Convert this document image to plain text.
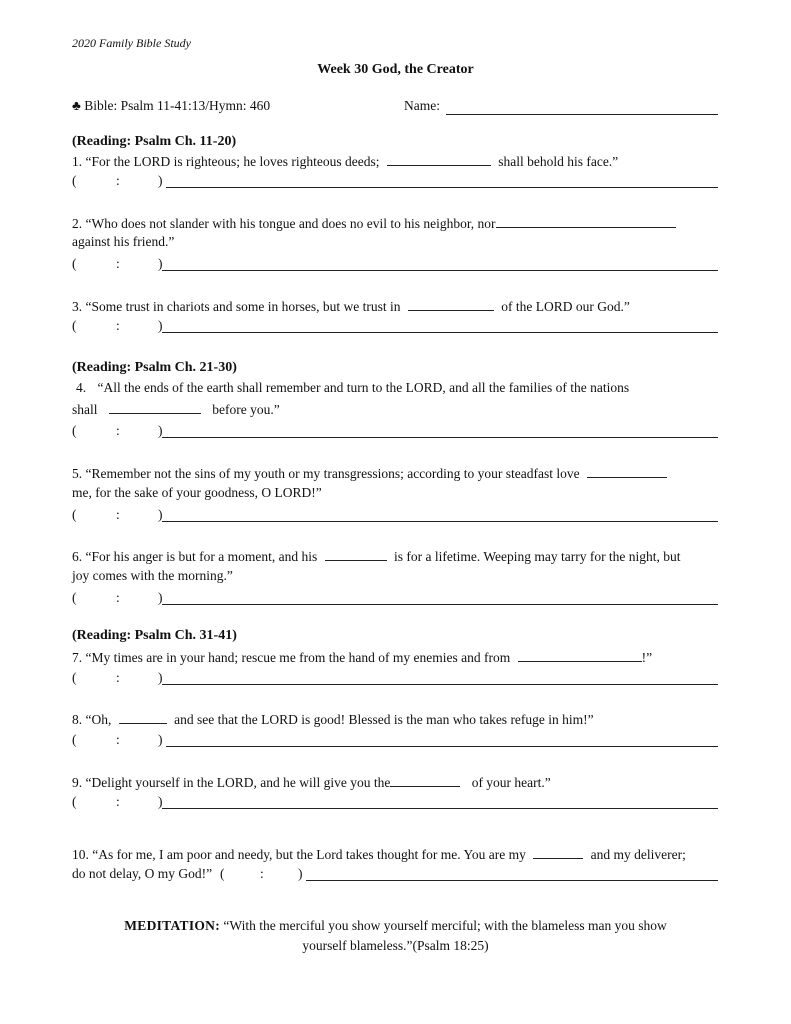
2020 Family Bible Study
Week 30 God, the Creator
♣ Bible: Psalm 11-41:13/Hymn: 460	Name:
(Reading: Psalm Ch. 11-20)
1. “For the LORD is righteous; he loves righteous deeds;	shall behold his face.”
(	:	)
2. “Who does not slander with his tongue and does no evil to his neighbor, nor
against his friend.”
(	:	)
3. “Some trust in chariots and some in horses, but we trust in	of the LORD our God.”
(	:	)
(Reading: Psalm Ch. 21-30)
4. “All the ends of the earth shall remember and turn to the LORD, and all the families of the nations
shall	before you.”
(	:	)
5. “Remember not the sins of my youth or my transgressions; according to your steadfast love
me, for the sake of your goodness, O LORD!”
(	:	)
6. “For his anger is but for a moment, and his	is for a lifetime. Weeping may tarry for the night, but
joy comes with the morning.”
(	:	)
(Reading: Psalm Ch. 31-41)
7. “My times are in your hand; rescue me from the hand of my enemies and from	!”
(	:	)
8. “Oh,	and see that the LORD is good! Blessed is the man who takes refuge in him!”
(	:	)
9. “Delight yourself in the LORD, and he will give you the	of your heart.”
(	:	)
10. “As for me, I am poor and needy, but the Lord takes thought for me. You are my	and my deliverer;
do not delay, O my God!” (	:	)
MEDITATION: “With the merciful you show yourself merciful; with the blameless man you show
yourself blameless.”(Psalm 18:25)
